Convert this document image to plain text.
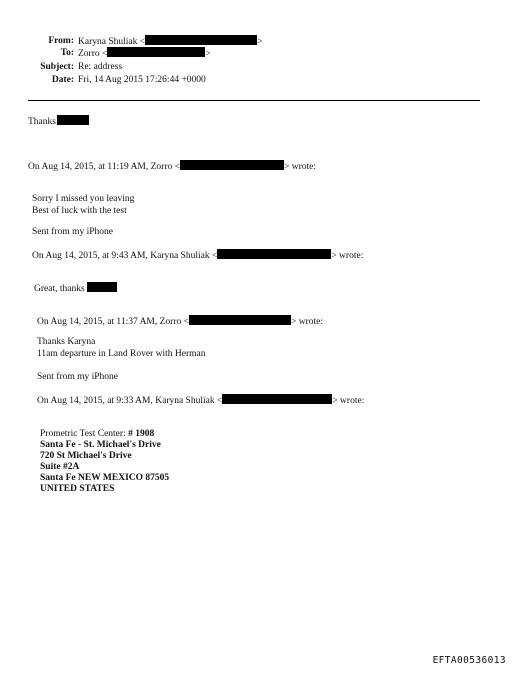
From: Karyna Shuliak <	>
To: Zorro <	>
Subject: Re: address
Date: Fri, 14 Aug 2015 17:26:44 +0000
Thanks
On Aug 14, 2015, at 11:19 AM, Zorro <	> wrote:
Sorry I missed you leaving
Best of luck with the test
Sent from my iPhone
On Aug 14, 2015, at 9:43 AM, Karyna Shuliak <	> wrote:
Great, thanks
On Aug 14, 2015, at 11:37 AM, Zorro <	> wrote:
Thanks Karyna
11am departure in Land Rover with Herman
Sent from my iPhone
On Aug 14, 2015, at 9:33 AM, Karyna Shuliak <	> wrote:
Prometric Test Center: # 1908
Santa Fe - St. Michael's Drive
720 St Michael's Drive
Suite #2A
Santa Fe NEW MEXICO 87505
UNITED STATES
EFTA00536013
